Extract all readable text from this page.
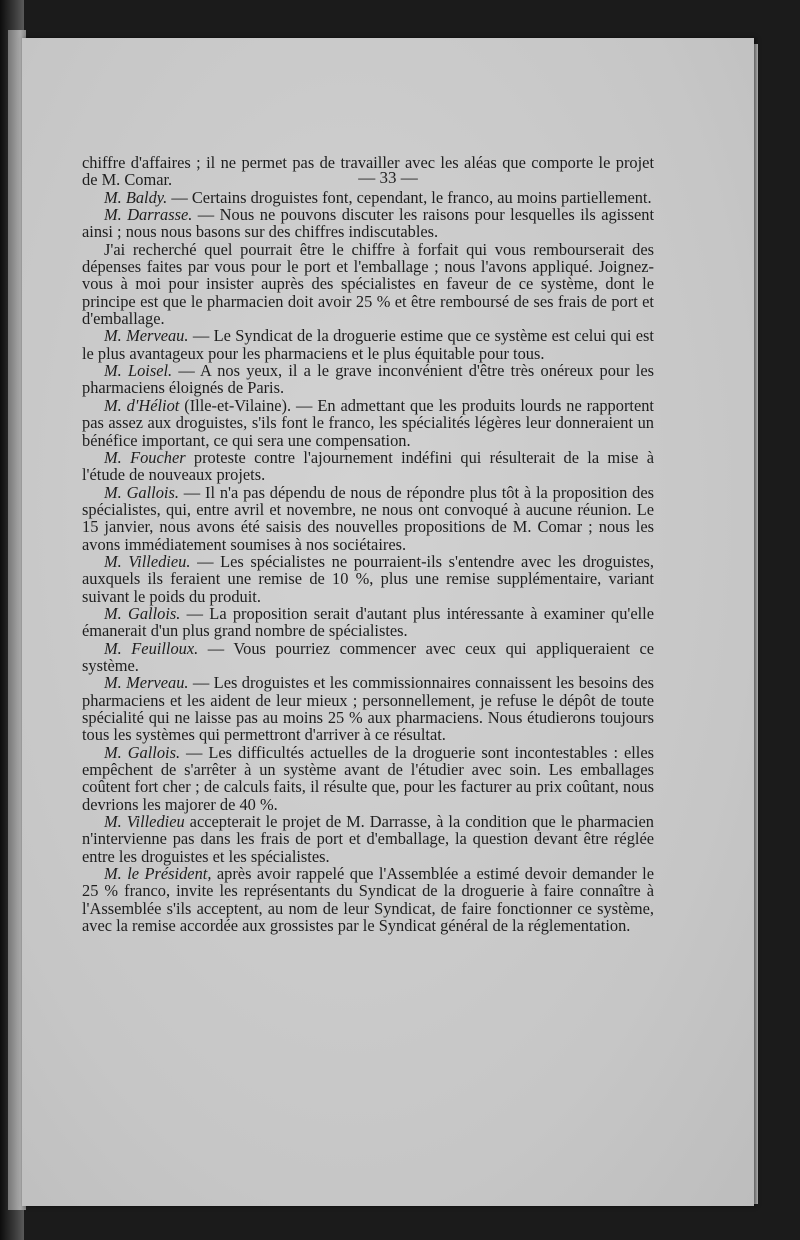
— 33 —

chiffre d'affaires ; il ne permet pas de travailler avec les aléas que comporte le projet de M. Comar.

M. Baldy. — Certains droguistes font, cependant, le franco, au moins partiellement.

M. Darrasse. — Nous ne pouvons discuter les raisons pour lesquelles ils agissent ainsi ; nous nous basons sur des chiffres indiscutables.

J'ai recherché quel pourrait être le chiffre à forfait qui vous rembourserait des dépenses faites par vous pour le port et l'emballage ; nous l'avons appliqué. Joignez-vous à moi pour insister auprès des spécialistes en faveur de ce système, dont le principe est que le pharmacien doit avoir 25 % et être remboursé de ses frais de port et d'emballage.

M. Merveau. — Le Syndicat de la droguerie estime que ce système est celui qui est le plus avantageux pour les pharmaciens et le plus équitable pour tous.

M. Loisel. — A nos yeux, il a le grave inconvénient d'être très onéreux pour les pharmaciens éloignés de Paris.

M. d'Héliot (Ille-et-Vilaine). — En admettant que les produits lourds ne rapportent pas assez aux droguistes, s'ils font le franco, les spécialités légères leur donneraient un bénéfice important, ce qui sera une compensation.

M. Foucher proteste contre l'ajournement indéfini qui résulterait de la mise à l'étude de nouveaux projets.

M. Gallois. — Il n'a pas dépendu de nous de répondre plus tôt à la proposition des spécialistes, qui, entre avril et novembre, ne nous ont convoqué à aucune réunion. Le 15 janvier, nous avons été saisis des nouvelles propositions de M. Comar ; nous les avons immédiatement soumises à nos sociétaires.

M. Villedieu. — Les spécialistes ne pourraient-ils s'entendre avec les droguistes, auxquels ils feraient une remise de 10 %, plus une remise supplémentaire, variant suivant le poids du produit.

M. Gallois. — La proposition serait d'autant plus intéressante à examiner qu'elle émanerait d'un plus grand nombre de spécialistes.

M. Feuilloux. — Vous pourriez commencer avec ceux qui appliqueraient ce système.

M. Merveau. — Les droguistes et les commissionnaires connaissent les besoins des pharmaciens et les aident de leur mieux ; personnellement, je refuse le dépôt de toute spécialité qui ne laisse pas au moins 25 % aux pharmaciens. Nous étudierons toujours tous les systèmes qui permettront d'arriver à ce résultat.

M. Gallois. — Les difficultés actuelles de la droguerie sont incontestables : elles empêchent de s'arrêter à un système avant de l'étudier avec soin. Les emballages coûtent fort cher ; de calculs faits, il résulte que, pour les facturer au prix coûtant, nous devrions les majorer de 40 %.

M. Villedieu accepterait le projet de M. Darrasse, à la condition que le pharmacien n'intervienne pas dans les frais de port et d'emballage, la question devant être réglée entre les droguistes et les spécialistes.

M. le Président, après avoir rappelé que l'Assemblée a estimé devoir demander le 25 % franco, invite les représentants du Syndicat de la droguerie à faire connaître à l'Assemblée s'ils acceptent, au nom de leur Syndicat, de faire fonctionner ce système, avec la remise accordée aux grossistes par le Syndicat général de la réglementation.
